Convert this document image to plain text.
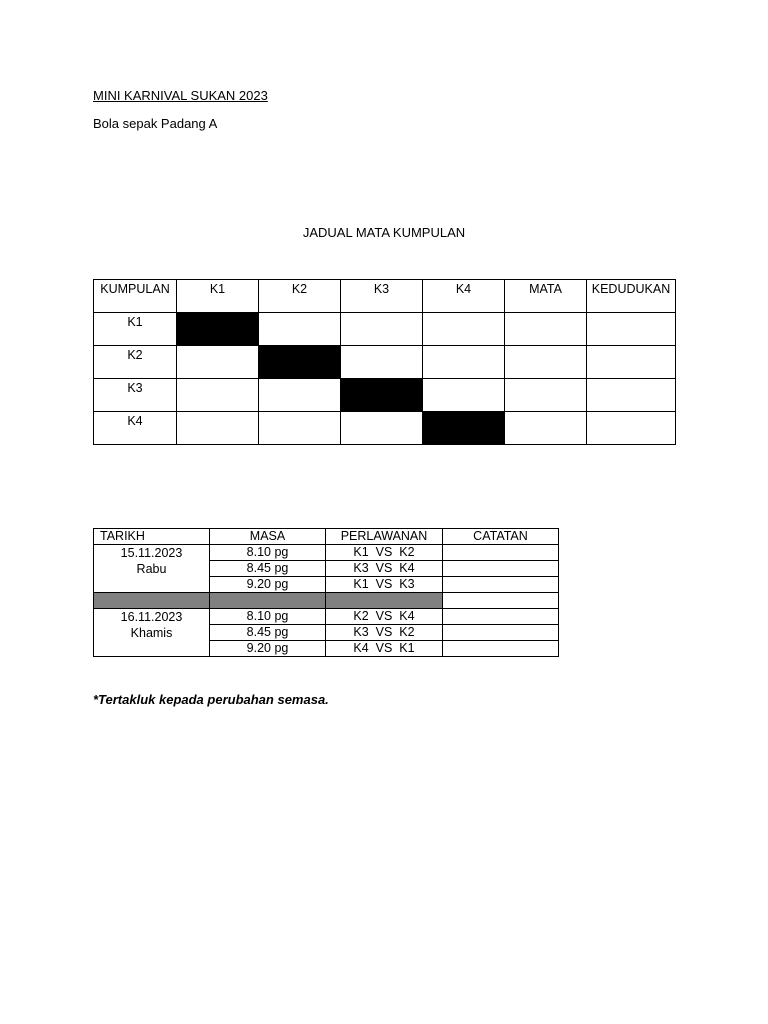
MINI KARNIVAL SUKAN 2023
Bola sepak Padang A
JADUAL MATA KUMPULAN
KUMPULAN	K1	K2	K3	K4	MATA	KEDUDUKAN

K1						

K2						

K3						

K4						

TARIKH	MASA	PERLAWANAN	CATATAN

15.11.2023
Rabu	8.10 pg	K1  VS  K2	
	8.45 pg	K3  VS  K4	
	9.20 pg	K1  VS  K3	

16.11.2023
Khamis	8.10 pg	K2  VS  K4	
	8.45 pg	K3  VS  K2	
	9.20 pg	K4  VS  K1	
*Tertakluk kepada perubahan semasa.
